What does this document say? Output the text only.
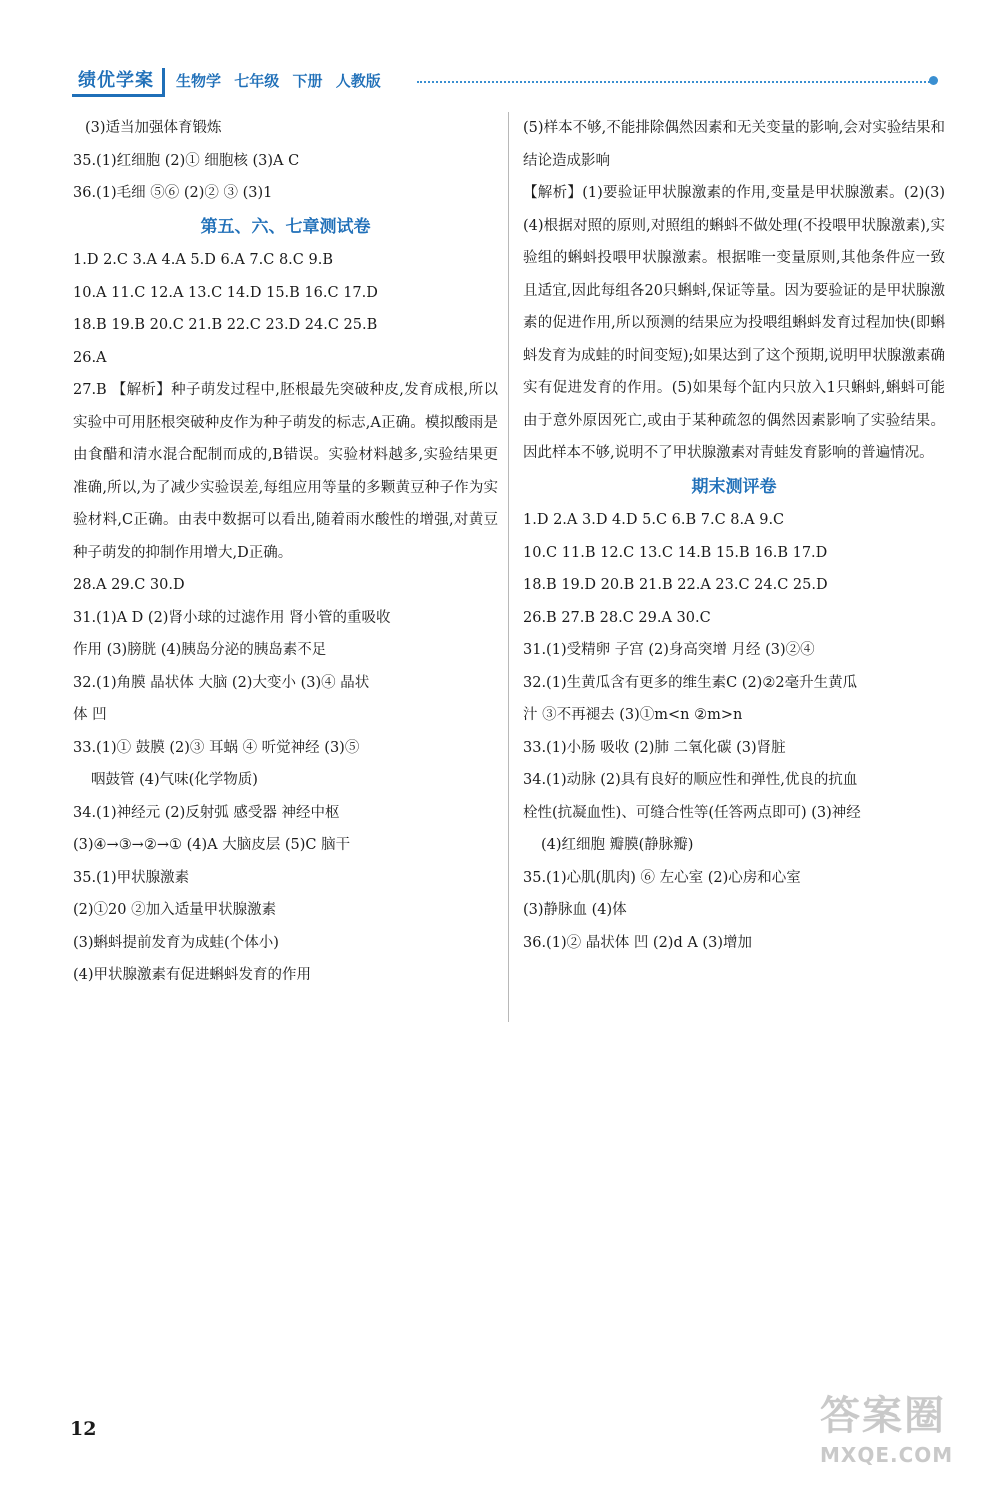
绩优学案	生物学 七年级 下册 人教版
(3)适当加强体育锻炼
35.(1)红细胞 (2)① 细胞核 (3)A C
36.(1)毛细 ⑤⑥ (2)② ③ (3)1
第五、六、七章测试卷
1.D 2.C 3.A 4.A 5.D 6.A 7.C 8.C 9.B
10.A 11.C 12.A 13.C 14.D 15.B 16.C 17.D
18.B 19.B 20.C 21.B 22.C 23.D 24.C 25.B
26.A
27.B 【解析】种子萌发过程中,胚根最先突破种皮,发育成根,所以实验中可用胚根突破种皮作为种子萌发的标志,A正确。模拟酸雨是由食醋和清水混合配制而成的,B错误。实验材料越多,实验结果更准确,所以,为了减少实验误差,每组应用等量的多颗黄豆种子作为实验材料,C正确。由表中数据可以看出,随着雨水酸性的增强,对黄豆种子萌发的抑制作用增大,D正确。
28.A 29.C 30.D
31.(1)A D (2)肾小球的过滤作用 肾小管的重吸收
作用 (3)膀胱 (4)胰岛分泌的胰岛素不足
32.(1)角膜 晶状体 大脑 (2)大变小 (3)④ 晶状
体 凹
33.(1)① 鼓膜 (2)③ 耳蜗 ④ 听觉神经 (3)⑤
咽鼓管 (4)气味(化学物质)
34.(1)神经元 (2)反射弧 感受器 神经中枢
(3)④→③→②→① (4)A 大脑皮层 (5)C 脑干
35.(1)甲状腺激素
(2)①20 ②加入适量甲状腺激素
(3)蝌蚪提前发育为成蛙(个体小)
(4)甲状腺激素有促进蝌蚪发育的作用
(5)样本不够,不能排除偶然因素和无关变量的影响,会对实验结果和结论造成影响
【解析】(1)要验证甲状腺激素的作用,变量是甲状腺激素。(2)(3)(4)根据对照的原则,对照组的蝌蚪不做处理(不投喂甲状腺激素),实验组的蝌蚪投喂甲状腺激素。根据唯一变量原则,其他条件应一致且适宜,因此每组各20只蝌蚪,保证等量。因为要验证的是甲状腺激素的促进作用,所以预测的结果应为投喂组蝌蚪发育过程加快(即蝌蚪发育为成蛙的时间变短);如果达到了这个预期,说明甲状腺激素确实有促进发育的作用。(5)如果每个缸内只放入1只蝌蚪,蝌蚪可能由于意外原因死亡,或由于某种疏忽的偶然因素影响了实验结果。因此样本不够,说明不了甲状腺激素对青蛙发育影响的普遍情况。
期末测评卷
1.D 2.A 3.D 4.D 5.C 6.B 7.C 8.A 9.C
10.C 11.B 12.C 13.C 14.B 15.B 16.B 17.D
18.B 19.D 20.B 21.B 22.A 23.C 24.C 25.D
26.B 27.B 28.C 29.A 30.C
31.(1)受精卵 子宫 (2)身高突增 月经 (3)②④
32.(1)生黄瓜含有更多的维生素C (2)②2毫升生黄瓜
汁 ③不再褪去 (3)①m<n ②m>n
33.(1)小肠 吸收 (2)肺 二氧化碳 (3)肾脏
34.(1)动脉 (2)具有良好的顺应性和弹性,优良的抗血
栓性(抗凝血性)、可缝合性等(任答两点即可) (3)神经
(4)红细胞 瓣膜(静脉瓣)
35.(1)心肌(肌肉) ⑥ 左心室 (2)心房和心室
(3)静脉血 (4)体
36.(1)② 晶状体 凹 (2)d A (3)增加
12	答案圈
MXQE.COM
